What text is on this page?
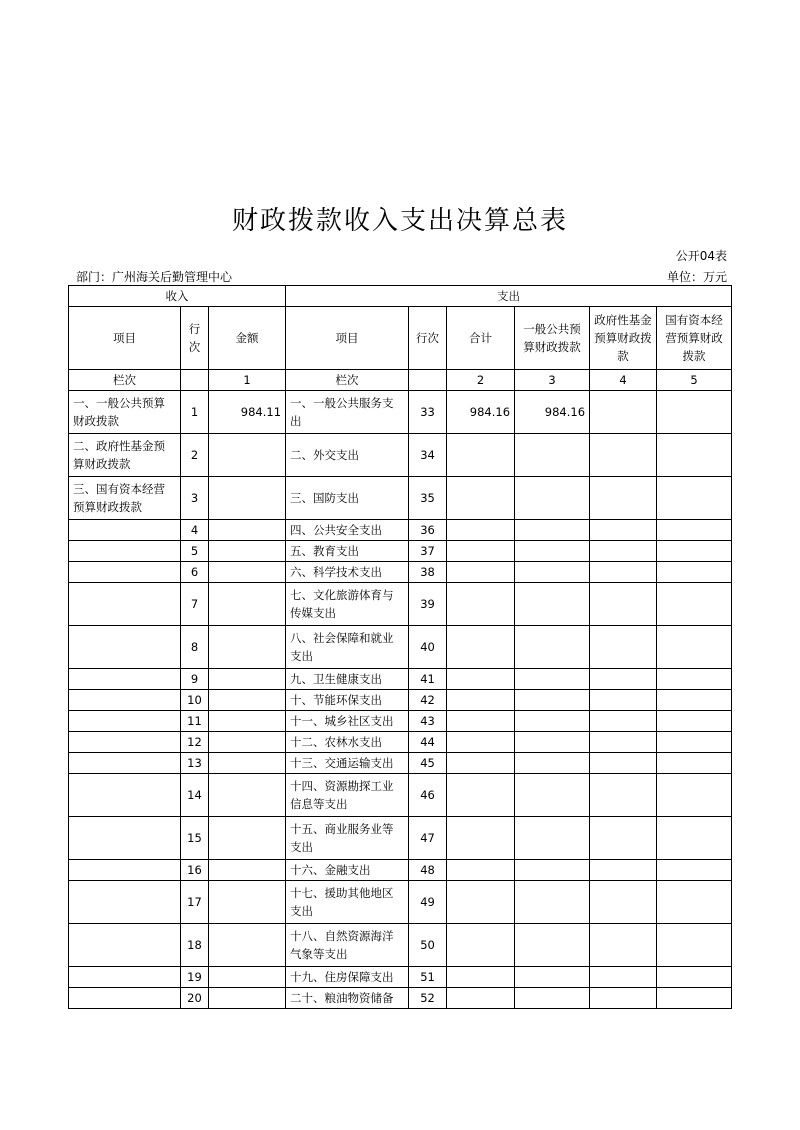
财政拨款收入支出决算总表
公开04表
部门：广州海关后勤管理中心	单位：万元
收入			支出					
项目	行次	金额	项目	行次	合计	一般公共预算财政拨款	政府性基金预算财政拨款	国有资本经营预算财政拨款
栏次		1	栏次		2	3	4	5
一、一般公共预算财政拨款	1	984.11	一、一般公共服务支出	33	984.16	984.16		
二、政府性基金预算财政拨款	2		二、外交支出	34				
三、国有资本经营预算财政拨款	3		三、国防支出	35				
	4		四、公共安全支出	36				
	5		五、教育支出	37				
	6		六、科学技术支出	38				
	7		七、文化旅游体育与传媒支出	39				
	8		八、社会保障和就业支出	40				
	9		九、卫生健康支出	41				
	10		十、节能环保支出	42				
	11		十一、城乡社区支出	43				
	12		十二、农林水支出	44				
	13		十三、交通运输支出	45				
	14		十四、资源勘探工业信息等支出	46				
	15		十五、商业服务业等支出	47				
	16		十六、金融支出	48				
	17		十七、援助其他地区支出	49				
	18		十八、自然资源海洋气象等支出	50				
	19		十九、住房保障支出	51				
	20		二十、粮油物资储备	52				
